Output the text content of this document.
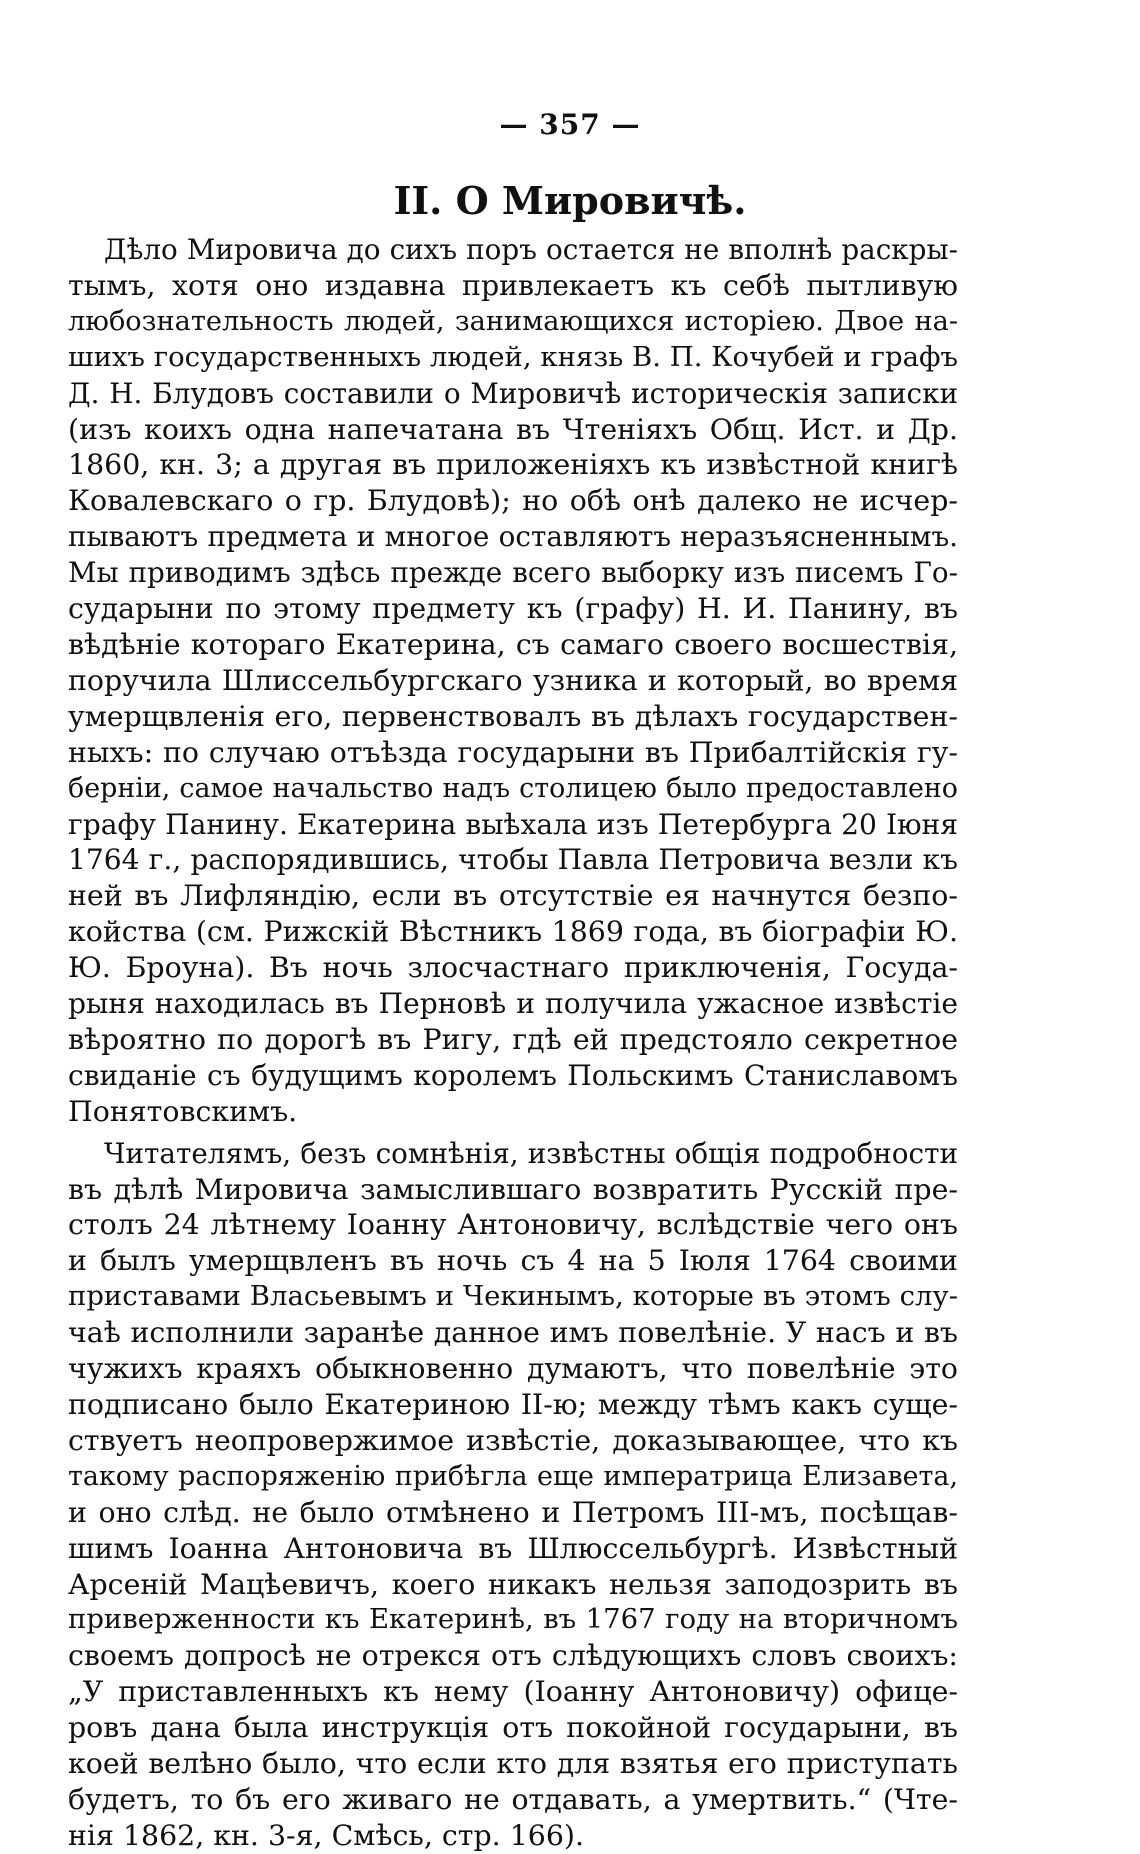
— 357 —
II. О Мировичѣ.
Дѣло Мировича до сихъ поръ остается не вполнѣ раскры-
тымъ, хотя оно издавна привлекаетъ къ себѣ пытливую
любознательность людей, занимающихся исторiею. Двое на-
шихъ государственныхъ людей, князь В. П. Кочубей и графъ
Д. Н. Блудовъ составили о Мировичѣ историческiя записки
(изъ коихъ одна напечатана въ Чтенiяхъ Общ. Ист. и Др.
1860, кн. 3; а другая въ приложенiяхъ къ извѣстной книгѣ
Ковалевскаго о гр. Блудовѣ); но обѣ онѣ далеко не исчер-
пываютъ предмета и многое оставляютъ неразъясненнымъ.
Мы приводимъ здѣсь прежде всего выборку изъ писемъ Го-
сударыни по этому предмету къ (графу) Н. И. Панину, въ
вѣдѣнiе котораго Екатерина, съ самаго своего восшествiя,
поручила Шлиссельбургскаго узника и который, во время
умерщвленiя его, первенствовалъ въ дѣлахъ государствен-
ныхъ: по случаю отъѣзда государыни въ Прибалтiйскiя гу-
бернiи, самое начальство надъ столицею было предоставлено
графу Панину. Екатерина выѣхала изъ Петербурга 20 Iюня
1764 г., распорядившись, чтобы Павла Петровича везли къ
ней въ Лифляндiю, если въ отсутствiе ея начнутся безпо-
койства (см. Рижскiй Вѣстникъ 1869 года, въ бiографiи Ю.
Ю. Броуна). Въ ночь злосчастнаго приключенiя, Госуда-
рыня находилась въ Перновѣ и получила ужасное извѣстiе
вѣроятно по дорогѣ въ Ригу, гдѣ ей предстояло секретное
свиданiе съ будущимъ королемъ Польскимъ Станиславомъ
Понятовскимъ.
Читателямъ, безъ сомнѣнiя, извѣстны общiя подробности
въ дѣлѣ Мировича замыслившаго возвратить Русскiй пре-
столъ 24 лѣтнему Iоанну Антоновичу, вслѣдствiе чего онъ
и былъ умерщвленъ въ ночь съ 4 на 5 Iюля 1764 своими
приставами Власьевымъ и Чекинымъ, которые въ этомъ слу-
чаѣ исполнили заранѣе данное имъ повелѣнiе. У насъ и въ
чужихъ краяхъ обыкновенно думаютъ, что повелѣнiе это
подписано было Екатериною II-ю; между тѣмъ какъ суще-
ствуетъ неопровержимое извѣстiе, доказывающее, что къ
такому распоряженiю прибѣгла еще императрица Елизавета,
и оно слѣд. не было отмѣнено и Петромъ III-мъ, посѣщав-
шимъ Iоанна Антоновича въ Шлюссельбургѣ. Извѣстный
Арсенiй Мацѣевичъ, коего никакъ нельзя заподозрить въ
приверженности къ Екатеринѣ, въ 1767 году на вторичномъ
своемъ допросѣ не отрекся отъ слѣдующихъ словъ своихъ:
„У приставленныхъ къ нему (Iоанну Антоновичу) офице-
ровъ дана была инструкцiя отъ покойной государыни, въ
коей велѣно было, что если кто для взятья его приступать
будетъ, то бъ его живаго не отдавать, а умертвить.“ (Чте-
нiя 1862, кн. 3-я, Смѣсь, стр. 166).
